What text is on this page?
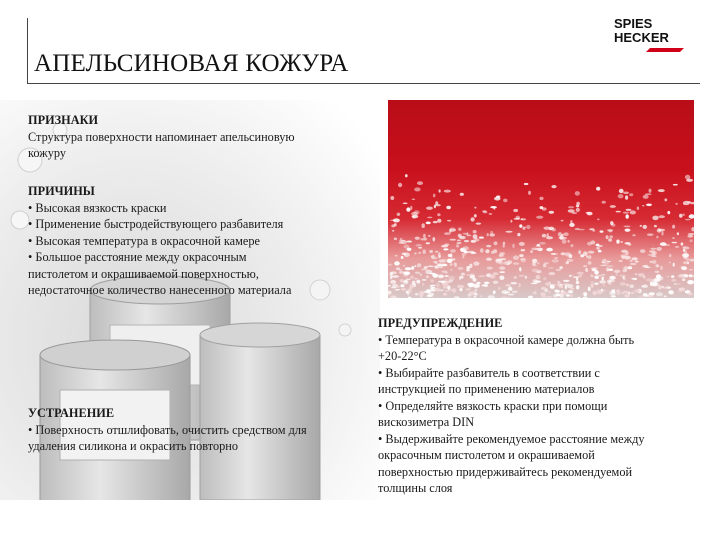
SPIES
HECKER
АПЕЛЬСИНОВАЯ КОЖУРА
ПРИЗНАКИ
Структура поверхности напоминает апельсиновую
кожуру
ПРИЧИНЫ
• Высокая вязкость краски
• Применение быстродействующего разбавителя
• Высокая температура в окрасочной камере
• Большое расстояние между окрасочным
пистолетом и окрашиваемой поверхностью,
недостаточное количество нанесенного материала
УСТРАНЕНИЕ
• Поверхность отшлифовать, очистить средством для
удаления силикона и окрасить повторно
ПРЕДУПРЕЖДЕНИЕ
• Температура в окрасочной камере должна быть
+20-22°С
• Выбирайте разбавитель в соответствии с
инструкцией по применению материалов
• Определяйте вязкость краски при помощи
вискозиметра DIN
• Выдерживайте рекомендуемое расстояние между
окрасочным пистолетом и окрашиваемой
поверхностью придерживайтесь рекомендуемой
толщины слоя
